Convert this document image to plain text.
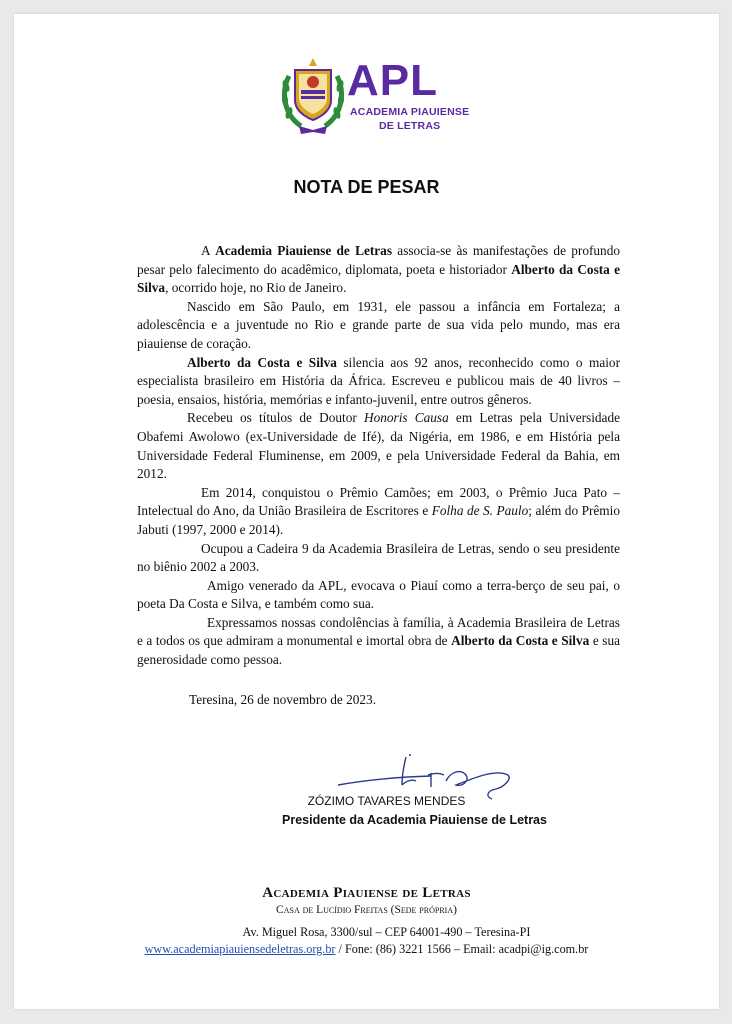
APL
ACADEMIA PIAUIENSE
DE LETRAS
NOTA DE PESAR

A Academia Piauiense de Letras associa-se às manifestações de profundo pesar pelo falecimento do acadêmico, diplomata, poeta e historiador Alberto da Costa e Silva, ocorrido hoje, no Rio de Janeiro.

Nascido em São Paulo, em 1931, ele passou a infância em Fortaleza; a adolescência e a juventude no Rio e grande parte de sua vida pelo mundo, mas era piauiense de coração.

Alberto da Costa e Silva silencia aos 92 anos, reconhecido como o maior especialista brasileiro em História da África. Escreveu e publicou mais de 40 livros – poesia, ensaios, história, memórias e infanto-juvenil, entre outros gêneros.

Recebeu os títulos de Doutor Honoris Causa em Letras pela Universidade Obafemi Awolowo (ex-Universidade de Ifé), da Nigéria, em 1986, e em História pela Universidade Federal Fluminense, em 2009, e pela Universidade Federal da Bahia, em 2012.

Em 2014, conquistou o Prêmio Camões; em 2003, o Prêmio Juca Pato – Intelectual do Ano, da União Brasileira de Escritores e Folha de S. Paulo; além do Prêmio Jabuti (1997, 2000 e 2014).

Ocupou a Cadeira 9 da Academia Brasileira de Letras, sendo o seu presidente no biênio 2002 a 2003.

Amigo venerado da APL, evocava o Piauí como a terra-berço de seu pai, o poeta Da Costa e Silva, e também como sua.

Expressamos nossas condolências à família, à Academia Brasileira de Letras e a todos os que admiram a monumental e imortal obra de Alberto da Costa e Silva e sua generosidade como pessoa.

Teresina, 26 de novembro de 2023.
ZÓZIMO TAVARES MENDES
Presidente da Academia Piauiense de Letras
Academia Piauiense de Letras
Casa de Lucídio Freitas (Sede própria)
Av. Miguel Rosa, 3300/sul – CEP 64001-490 – Teresina-PI
www.academiapiauiensedeletras.org.br / Fone: (86) 3221 1566 – Email: acadpi@ig.com.br
